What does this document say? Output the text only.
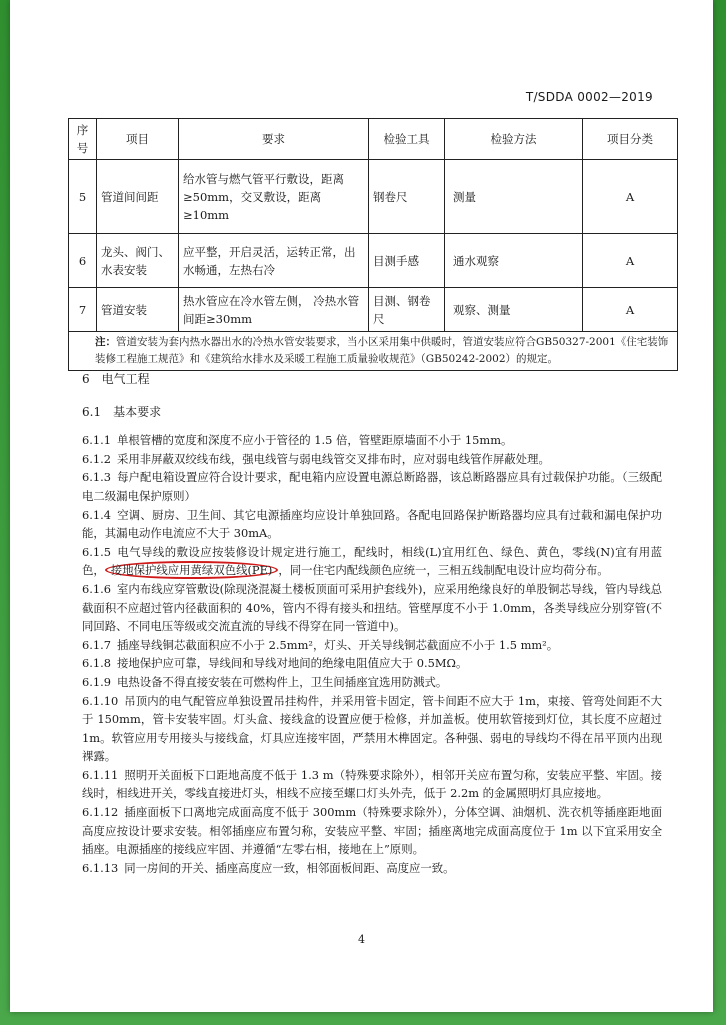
T/SDDA 0002—2019
序号	项目	要求	检验工具	检验方法	项目分类
5	管道间间距	给水管与燃气管平行敷设，距离≥50mm，交叉敷设，距离≥10mm	钢卷尺	测量	A
6	龙头、阀门、水表安装	应平整，开启灵活，运转正常，出水畅通，左热右冷	目测手感	通水观察	A
7	管道安装	热水管应在冷水管左侧， 冷热水管间距≥30mm	目测、钢卷尺	观察、测量	A
注：管道安装为套内热水器出水的冷热水管安装要求，当小区采用集中供暖时，管道安装应符合GB50327-2001《住宅装饰装修工程施工规范》和《建筑给水排水及采暖工程施工质量验收规范》（GB50242-2002）的规定。					

6　电气工程

6.1　基本要求

6.1.1 单根管槽的宽度和深度不应小于管径的 1.5 倍，管壁距原墙面不小于 15mm。

6.1.2 采用非屏蔽双绞线布线，强电线管与弱电线管交叉排布时，应对弱电线管作屏蔽处理。

6.1.3 每户配电箱设置应符合设计要求，配电箱内应设置电源总断路器，该总断路器应具有过载保护功能。（三级配电二级漏电保护原则）

6.1.4 空调、厨房、卫生间、其它电源插座均应设计单独回路。各配电回路保护断路器均应具有过载和漏电保护功能，其漏电动作电流应不大于 30mA。

6.1.5 电气导线的敷设应按装修设计规定进行施工，配线时，相线(L)宜用红色、绿色、黄色，零线(N)宜有用蓝色， 接地保护线应用黄绿双色线(PE) ，同一住宅内配线颜色应统一，三相五线制配电设计应均荷分布。

6.1.6 室内布线应穿管敷设(除现浇混凝土楼板顶面可采用护套线外)，应采用绝缘良好的单股铜芯导线，管内导线总截面积不应超过管内径截面积的 40%，管内不得有接头和扭结。管壁厚度不小于 1.0mm，各类导线应分别穿管(不同回路、不同电压等级或交流直流的导线不得穿在同一管道中)。

6.1.7 插座导线铜芯截面积应不小于 2.5mm²，灯头、开关导线铜芯截面应不小于 1.5 mm²。

6.1.8 接地保护应可靠，导线间和导线对地间的绝缘电阻值应大于 0.5MΩ。

6.1.9 电热设备不得直接安装在可燃构件上，卫生间插座宜选用防溅式。

6.1.10 吊顶内的电气配管应单独设置吊挂构件，并采用管卡固定，管卡间距不应大于 1m，束接、管弯处间距不大于 150mm，管卡安装牢固。灯头盒、接线盒的设置应便于检修，并加盖板。使用软管接到灯位，其长度不应超过 1m。软管应用专用接头与接线盒，灯具应连接牢固，严禁用木榫固定。各种强、弱电的导线均不得在吊平顶内出现裸露。

6.1.11 照明开关面板下口距地高度不低于 1.3 m（特殊要求除外），相邻开关应布置匀称，安装应平整、牢固。接线时，相线进开关，零线直接进灯头，相线不应接至螺口灯头外壳，低于 2.2m 的金属照明灯具应接地。

6.1.12 插座面板下口离地完成面高度不低于 300mm（特殊要求除外），分体空调、油烟机、洗衣机等插座距地面高度应按设计要求安装。相邻插座应布置匀称，安装应平整、牢固；插座离地完成面高度位于 1m 以下宜采用安全插座。电源插座的接线应牢固、并遵循“左零右相，接地在上”原则。

6.1.13 同一房间的开关、插座高度应一致，相邻面板间距、高度应一致。

4
